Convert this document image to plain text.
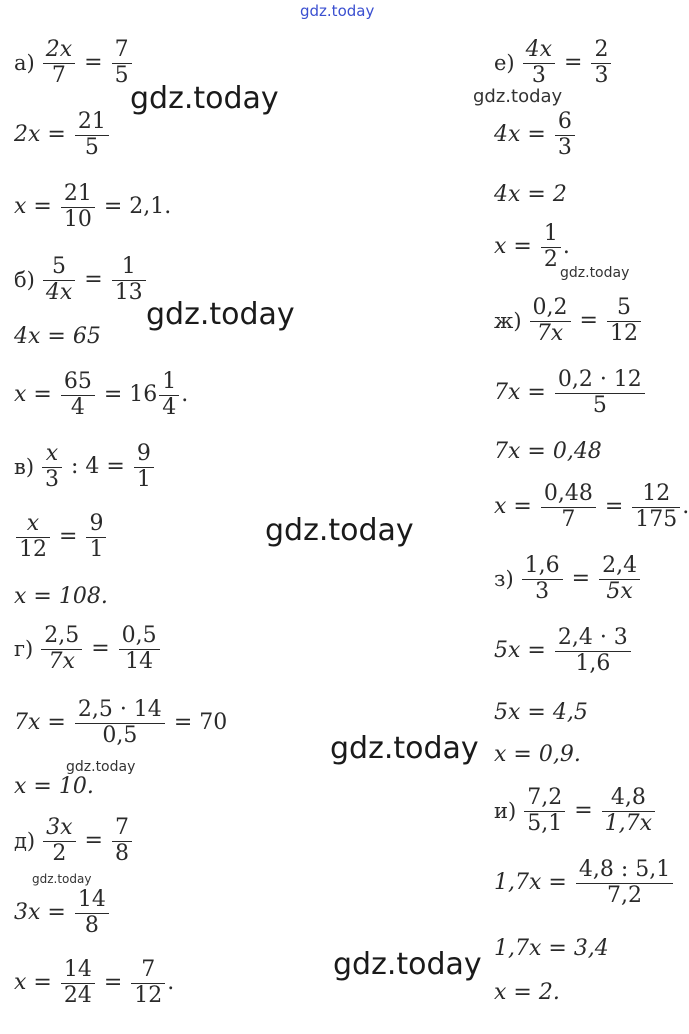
gdz.today
gdz.today	gdz.today
gdz.today
gdz.today
gdz.today
gdz.today
gdz.today
gdz.today
gdz.today
$а) \frac{2x}{7} = \frac{7}{5}$
$2x = \frac{21}{5}$
$x = \frac{21}{10} = 2,1$.
$б) \frac{5}{4x} = \frac{1}{13}$
4x = 65
$x = \frac{65}{4} = 16 \frac{1}{4}$ .
$в) \frac{x}{3}$ : $4 = \frac{9}{1}$
$\frac{x}{12} = \frac{9}{1}$
x = 108.
$г) \frac{2,5}{7x} = \frac{0,5}{14}$
$7x = \frac{2,5 \cdot 14}{0,5} = 70$
x = 10.
$д) \frac{3x}{2} = \frac{7}{8}$
$3x = \frac{14}{8}$
$x = \frac{14}{24} = \frac{7}{12}$ .
$е) \frac{4x}{3} = \frac{2}{3}$
$4x = \frac{6}{3}$
4x = 2
$x = \frac{1}{2}$ .
$ж) \frac{0,2}{7x} = \frac{5}{12}$
$7x = \frac{0,2 \cdot 12}{5}$
7x = 0,48
$x = \frac{0,48}{7} = \frac{12}{175}$ .
$з) \frac{1,6}{3} = \frac{2,4}{5x}$
$5x = \frac{2,4 \cdot 3}{1,6}$
5x = 4,5
x = 0,9.
$и) \frac{7,2}{5,1} = \frac{4,8}{1,7x}$
$1,7x = \frac{4,8 : 5,1}{7,2}$
1,7x = 3,4
x = 2.
